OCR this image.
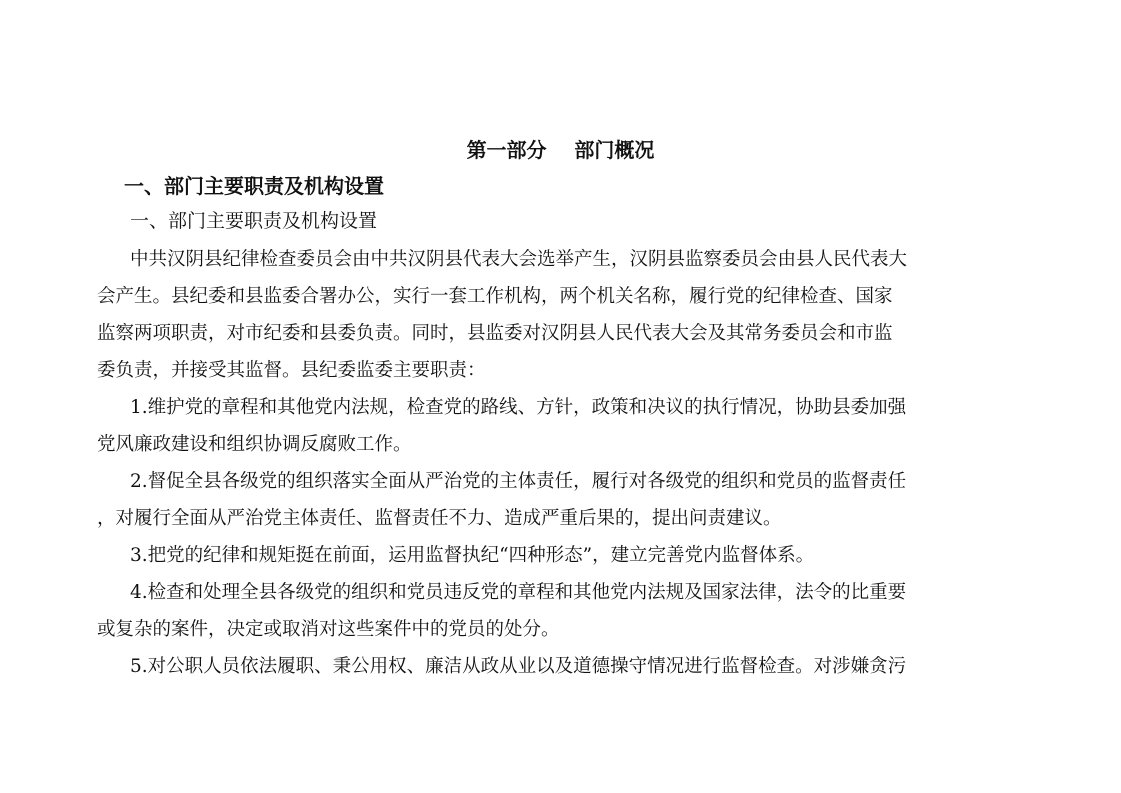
第一部分    部门概况
一、部门主要职责及机构设置
一、部门主要职责及机构设置
中共汉阴县纪律检查委员会由中共汉阴县代表大会选举产生，汉阴县监察委员会由县人民代表大
会产生。县纪委和县监委合署办公，实行一套工作机构，两个机关名称，履行党的纪律检查、国家
监察两项职责，对市纪委和县委负责。同时，县监委对汉阴县人民代表大会及其常务委员会和市监
委负责，并接受其监督。县纪委监委主要职责：
1.维护党的章程和其他党内法规，检查党的路线、方针，政策和决议的执行情况，协助县委加强
党风廉政建设和组织协调反腐败工作。
2.督促全县各级党的组织落实全面从严治党的主体责任，履行对各级党的组织和党员的监督责任
，对履行全面从严治党主体责任、监督责任不力、造成严重后果的，提出问责建议。
3.把党的纪律和规矩挺在前面，运用监督执纪“四种形态”，建立完善党内监督体系。
4.检查和处理全县各级党的组织和党员违反党的章程和其他党内法规及国家法律，法令的比重要
或复杂的案件，决定或取消对这些案件中的党员的处分。
5.对公职人员依法履职、秉公用权、廉洁从政从业以及道德操守情况进行监督检查。对涉嫌贪污
